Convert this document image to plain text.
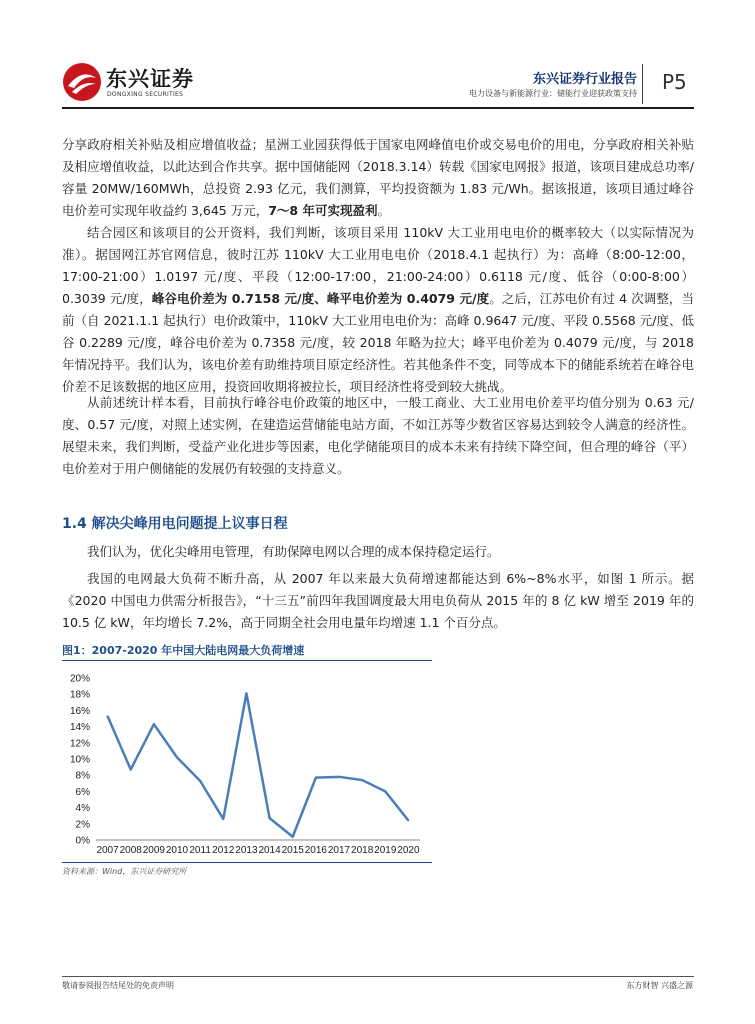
东兴证券
DONGXING SECURITIES
东兴证券行业报告
电力设备与新能源行业：储能行业迎获政策支持 P5

分享政府相关补贴及相应增值收益；星洲工业园获得低于国家电网峰值电价或交易电价的用电，分享政府相关补贴及相应增值收益，以此达到合作共享。据中国储能网（2018.3.14）转载《国家电网报》报道，该项目建成总功率/容量 20MW/160MWh，总投资 2.93 亿元，我们测算，平均投资额为 1.83 元/Wh。据该报道，该项目通过峰谷电价差可实现年收益约 3,645 万元，7～8 年可实现盈利。

结合园区和该项目的公开资料，我们判断，该项目采用 110kV 大工业用电电价的概率较大（以实际情况为准）。据国网江苏官网信息，彼时江苏 110kV 大工业用电电价（2018.4.1 起执行）为：高峰（8:00-12:00，17:00-21:00）1.0197 元/度、平段（12:00-17:00，21:00-24:00）0.6118 元/度、低谷（0:00-8:00）0.3039 元/度，峰谷电价差为 0.7158 元/度、峰平电价差为 0.4079 元/度。之后，江苏电价有过 4 次调整，当前（自 2021.1.1 起执行）电价政策中，110kV 大工业用电电价为：高峰 0.9647 元/度、平段 0.5568 元/度、低谷 0.2289 元/度，峰谷电价差为 0.7358 元/度，较 2018 年略为拉大；峰平电价差为 0.4079 元/度，与 2018 年情况持平。我们认为，该电价差有助维持项目原定经济性。若其他条件不变，同等成本下的储能系统若在峰谷电价差不足该数据的地区应用，投资回收期将被拉长，项目经济性将受到较大挑战。

从前述统计样本看，目前执行峰谷电价政策的地区中，一般工商业、大工业用电价差平均值分别为 0.63 元/度、0.57 元/度，对照上述实例，在建造运营储能电站方面，不如江苏等少数省区容易达到较令人满意的经济性。展望未来，我们判断，受益产业化进步等因素，电化学储能项目的成本未来有持续下降空间，但合理的峰谷（平）电价差对于用户侧储能的发展仍有较强的支持意义。

1.4 解决尖峰用电问题提上议事日程

我们认为，优化尖峰用电管理，有助保障电网以合理的成本保持稳定运行。

我国的电网最大负荷不断升高，从 2007 年以来最大负荷增速都能达到 6%~8%水平，如图 1 所示。据《2020 中国电力供需分析报告》，“十三五”前四年我国调度最大用电负荷从 2015 年的 8 亿 kW 增至 2019 年的 10.5 亿 kW，年均增长 7.2%，高于同期全社会用电量年均增速 1.1 个百分点。

图1：2007-2020 年中国大陆电网最大负荷增速
0%
2%
4%
6%
8%
10%
12%
14%
16%
18%
20%
2007 2008 2009 2010 2011 2012 2013 2014 2015 2016 2017 2018 2019 2020
资料来源：Wind，东兴证券研究所
敬请参阅报告结尾处的免责声明	东方财智 兴盛之源
